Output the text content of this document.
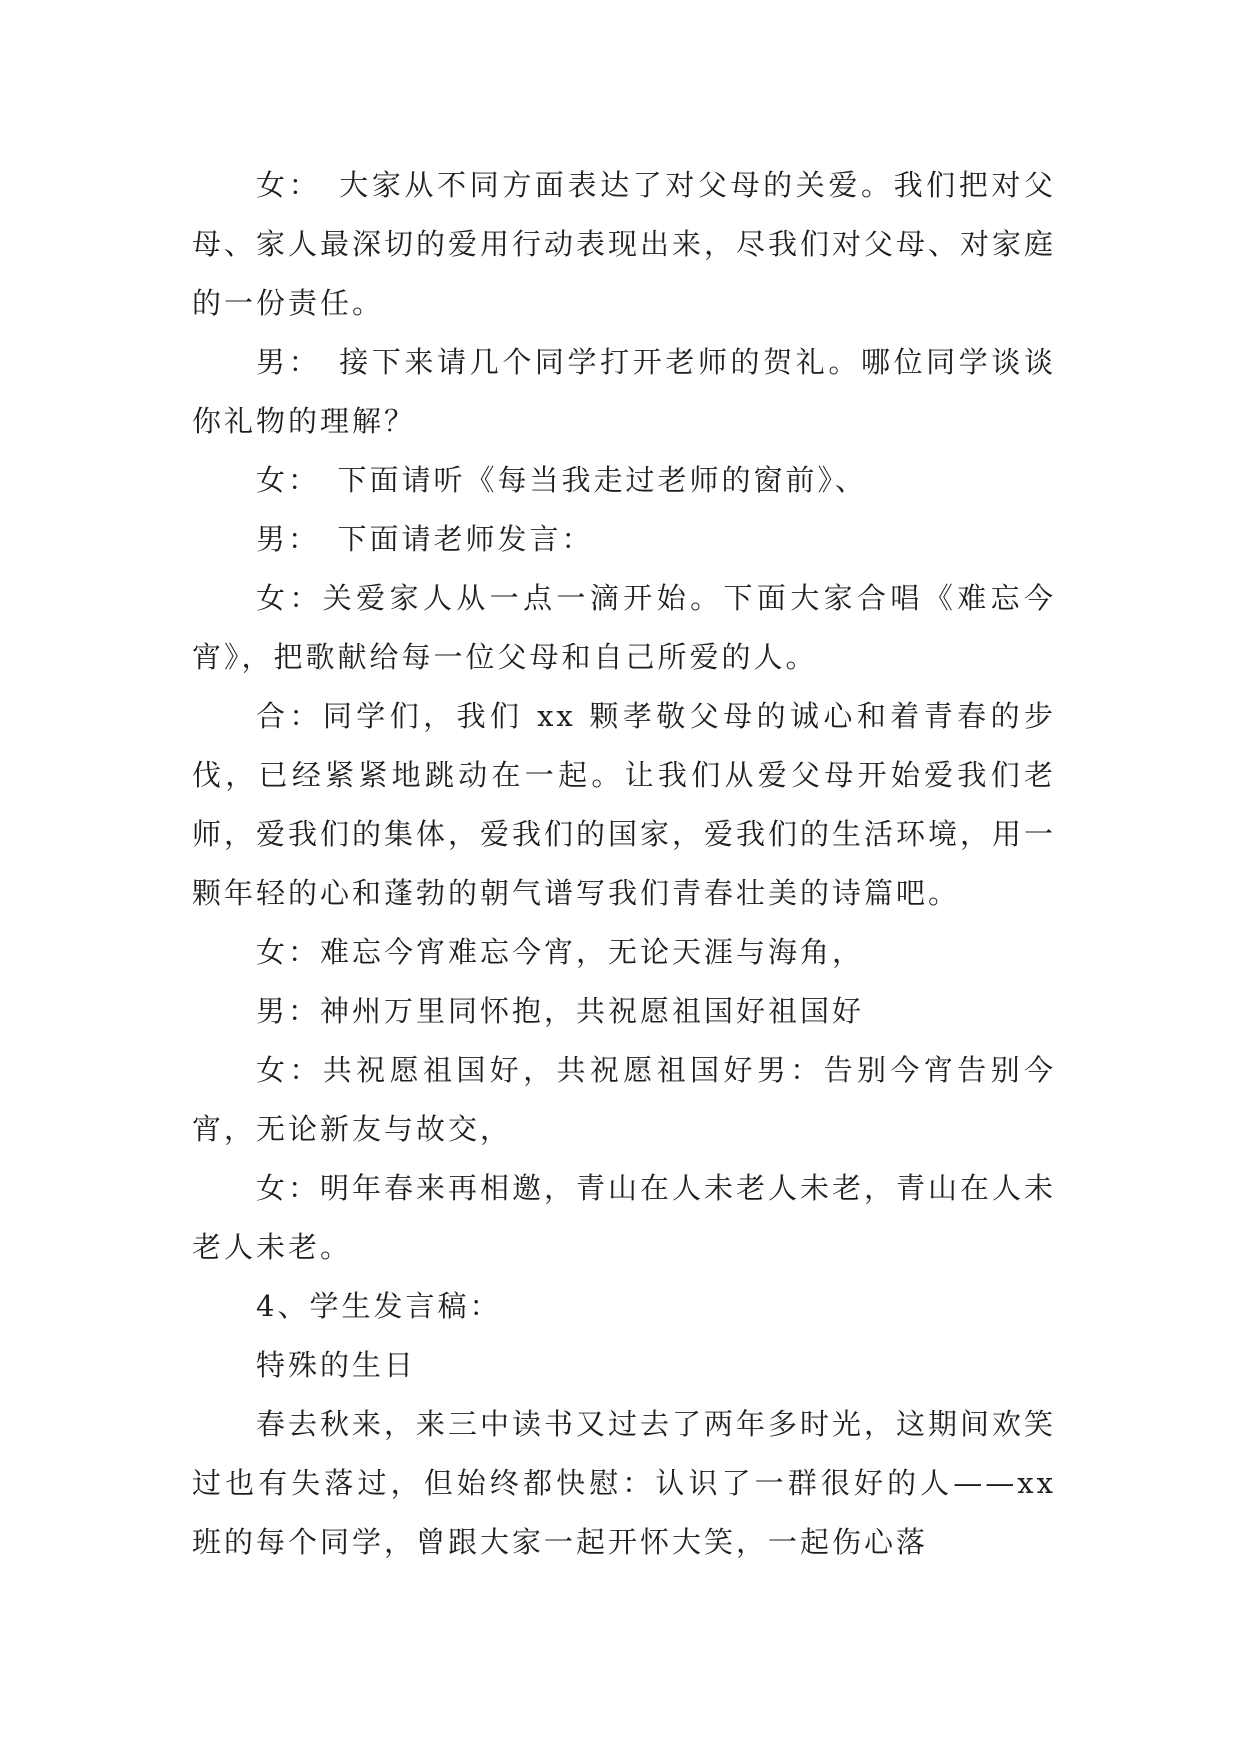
女：　大家从不同方面表达了对父母的关爱。我们把对父母、家人最深切的爱用行动表现出来，尽我们对父母、对家庭的一份责任。

男：　接下来请几个同学打开老师的贺礼。哪位同学谈谈你礼物的理解？

女：　下面请听《每当我走过老师的窗前》、

男：　下面请老师发言：

女：关爱家人从一点一滴开始。下面大家合唱《难忘今宵》，把歌献给每一位父母和自己所爱的人。

合：同学们，我们 xx 颗孝敬父母的诚心和着青春的步伐，已经紧紧地跳动在一起。让我们从爱父母开始爱我们老师，爱我们的集体，爱我们的国家，爱我们的生活环境，用一颗年轻的心和蓬勃的朝气谱写我们青春壮美的诗篇吧。

女：难忘今宵难忘今宵，无论天涯与海角，

男：神州万里同怀抱，共祝愿祖国好祖国好

女：共祝愿祖国好，共祝愿祖国好男：告别今宵告别今宵，无论新友与故交，

女：明年春来再相邀，青山在人未老人未老，青山在人未老人未老。

4、学生发言稿：

特殊的生日

春去秋来，来三中读书又过去了两年多时光，这期间欢笑过也有失落过，但始终都快慰：认识了一群很好的人——xx 班的每个同学，曾跟大家一起开怀大笑，一起伤心落
